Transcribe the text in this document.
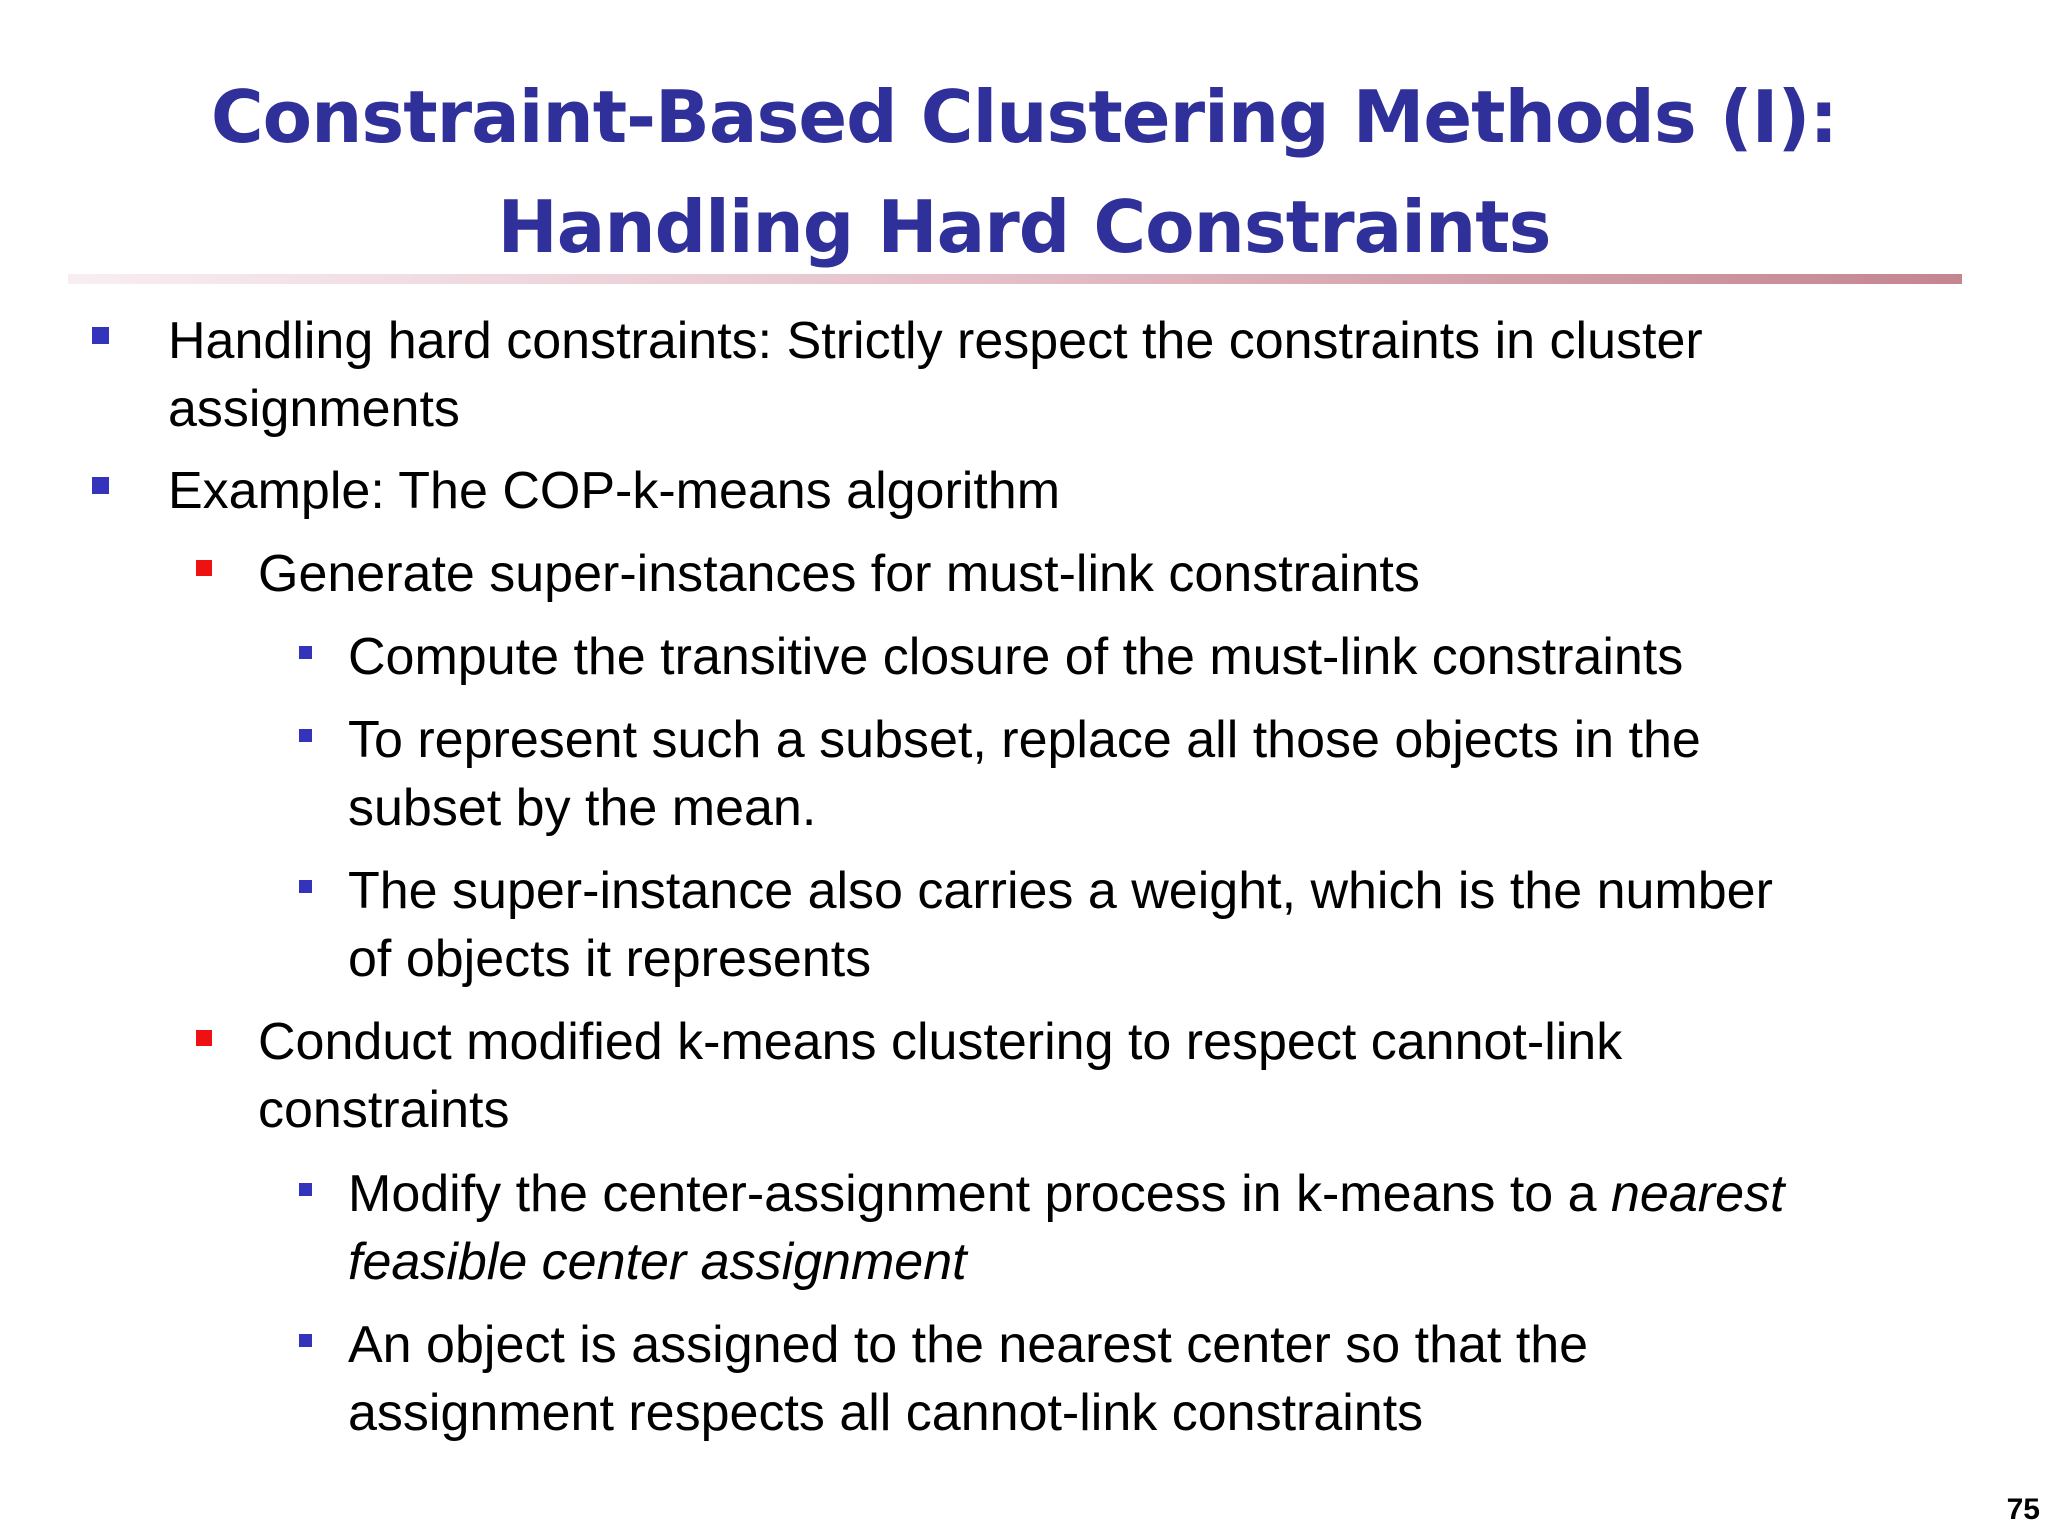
Constraint-Based Clustering Methods (I):
Handling Hard Constraints
Handling hard constraints: Strictly respect the constraints in cluster
assignments
Example: The COP-k-means algorithm
Generate super-instances for must-link constraints
Compute the transitive closure of the must-link constraints
To represent such a subset, replace all those objects in the
subset by the mean.
The super-instance also carries a weight, which is the number
of objects it represents
Conduct modified k-means clustering to respect cannot-link
constraints
Modify the center-assignment process in k-means to a nearest
feasible center assignment
An object is assigned to the nearest center so that the
assignment respects all cannot-link constraints
75
